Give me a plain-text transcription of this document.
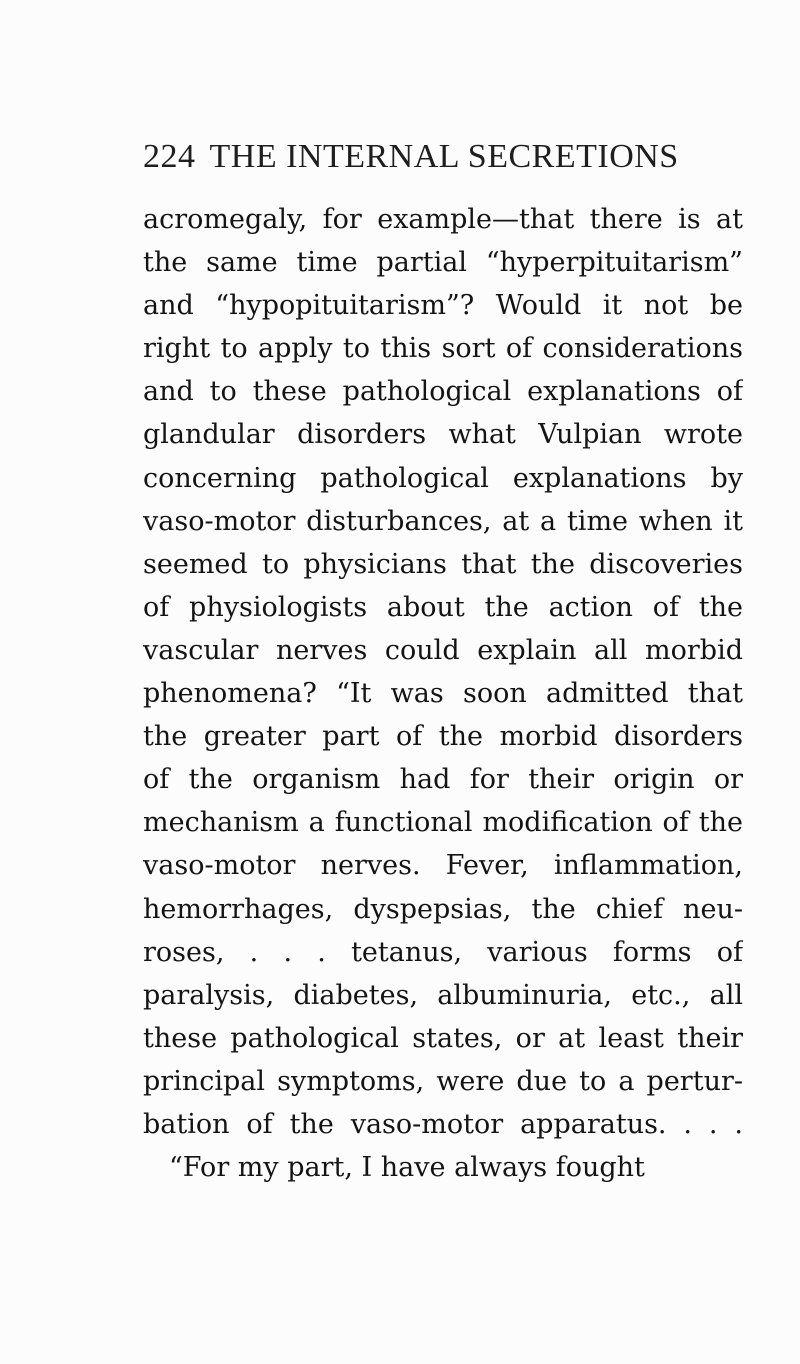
224 THE INTERNAL SECRETIONS
acromegaly, for example—that there is at
the same time partial “hyperpituitarism”
and “hypopituitarism”? Would it not be
right to apply to this sort of considerations
and to these pathological explanations of
glandular disorders what Vulpian wrote
concerning pathological explanations by
vaso-motor disturbances, at a time when it
seemed to physicians that the discoveries
of physiologists about the action of the
vascular nerves could explain all morbid
phenomena? “It was soon admitted that
the greater part of the morbid disorders
of the organism had for their origin or
mechanism a functional modification of the
vaso-motor nerves. Fever, inflammation,
hemorrhages, dyspepsias, the chief neu-
roses, . . . tetanus, various forms of
paralysis, diabetes, albuminuria, etc., all
these pathological states, or at least their
principal symptoms, were due to a pertur-
bation of the vaso-motor apparatus. . . .
“For my part, I have always fought
